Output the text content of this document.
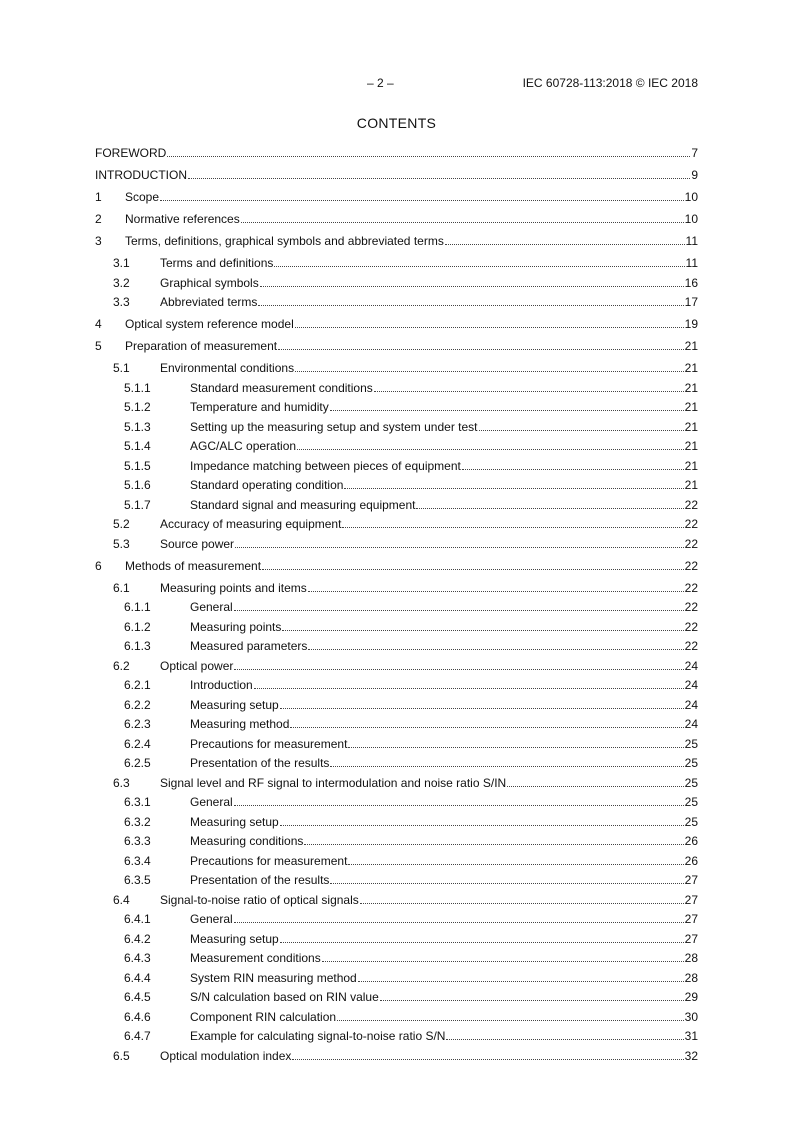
– 2 –	IEC 60728-113:2018 © IEC 2018
CONTENTS
FOREWORD	7
INTRODUCTION	9
1	Scope	10
2	Normative references	10
3	Terms, definitions, graphical symbols and abbreviated terms	11
3.1	Terms and definitions	11
3.2	Graphical symbols	16
3.3	Abbreviated terms	17
4	Optical system reference model	19
5	Preparation of measurement	21
5.1	Environmental conditions	21
5.1.1	Standard measurement conditions	21
5.1.2	Temperature and humidity	21
5.1.3	Setting up the measuring setup and system under test	21
5.1.4	AGC/ALC operation	21
5.1.5	Impedance matching between pieces of equipment	21
5.1.6	Standard operating condition	21
5.1.7	Standard signal and measuring equipment	22
5.2	Accuracy of measuring equipment	22
5.3	Source power	22
6	Methods of measurement	22
6.1	Measuring points and items	22
6.1.1	General	22
6.1.2	Measuring points	22
6.1.3	Measured parameters	22
6.2	Optical power	24
6.2.1	Introduction	24
6.2.2	Measuring setup	24
6.2.3	Measuring method	24
6.2.4	Precautions for measurement	25
6.2.5	Presentation of the results	25
6.3	Signal level and RF signal to intermodulation and noise ratio S/IN	25
6.3.1	General	25
6.3.2	Measuring setup	25
6.3.3	Measuring conditions	26
6.3.4	Precautions for measurement	26
6.3.5	Presentation of the results	27
6.4	Signal-to-noise ratio of optical signals	27
6.4.1	General	27
6.4.2	Measuring setup	27
6.4.3	Measurement conditions	28
6.4.4	System RIN measuring method	28
6.4.5	S/N calculation based on RIN value	29
6.4.6	Component RIN calculation	30
6.4.7	Example for calculating signal-to-noise ratio S/N	31
6.5	Optical modulation index	32
